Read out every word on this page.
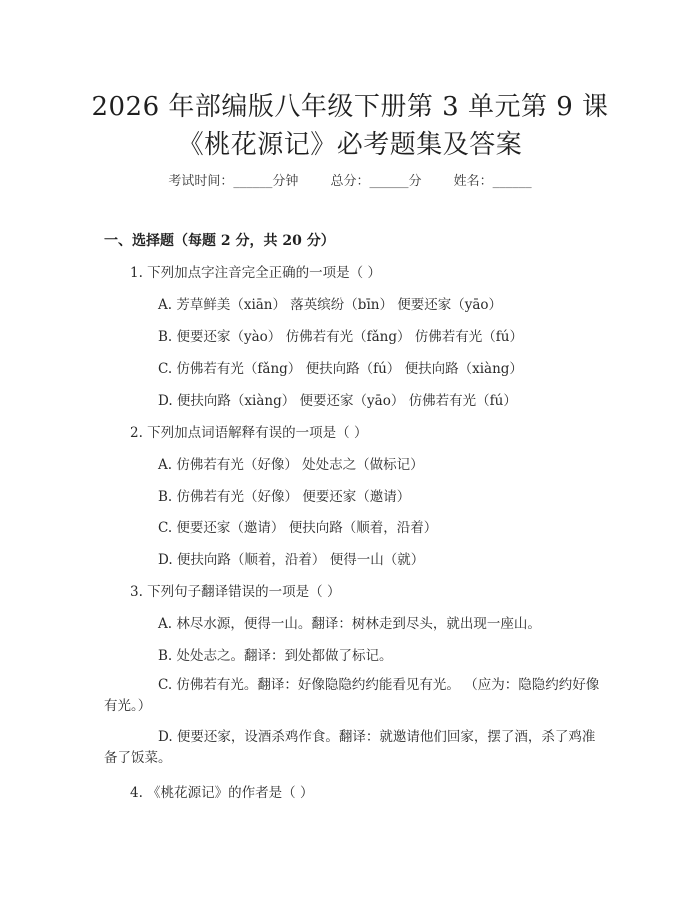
2026 年部编版八年级下册第 3 单元第 9 课
《桃花源记》必考题集及答案
考试时间：______分钟 总分：______分 姓名：______
一、选择题（每题 2 分，共 20 分）
1. 下列加点字注音完全正确的一项是（ ）
A. 芳草鲜美（xiān） 落英缤纷（bīn） 便要还家（yāo）
B. 便要还家（yào） 仿佛若有光（fǎng） 仿佛若有光（fú）
C. 仿佛若有光（fǎng） 便扶向路（fú） 便扶向路（xiàng）
D. 便扶向路（xiàng） 便要还家（yāo） 仿佛若有光（fú）
2. 下列加点词语解释有误的一项是（ ）
A. 仿佛若有光（好像） 处处志之（做标记）
B. 仿佛若有光（好像） 便要还家（邀请）
C. 便要还家（邀请） 便扶向路（顺着，沿着）
D. 便扶向路（顺着，沿着） 便得一山（就）
3. 下列句子翻译错误的一项是（ ）
A. 林尽水源，便得一山。翻译：树林走到尽头，就出现一座山。
B. 处处志之。翻译：到处都做了标记。
C. 仿佛若有光。翻译：好像隐隐约约能看见有光。 （应为：隐隐约约好像有光。）
D. 便要还家，设酒杀鸡作食。翻译：就邀请他们回家，摆了酒，杀了鸡准备了饭菜。
4. 《桃花源记》的作者是（ ）
